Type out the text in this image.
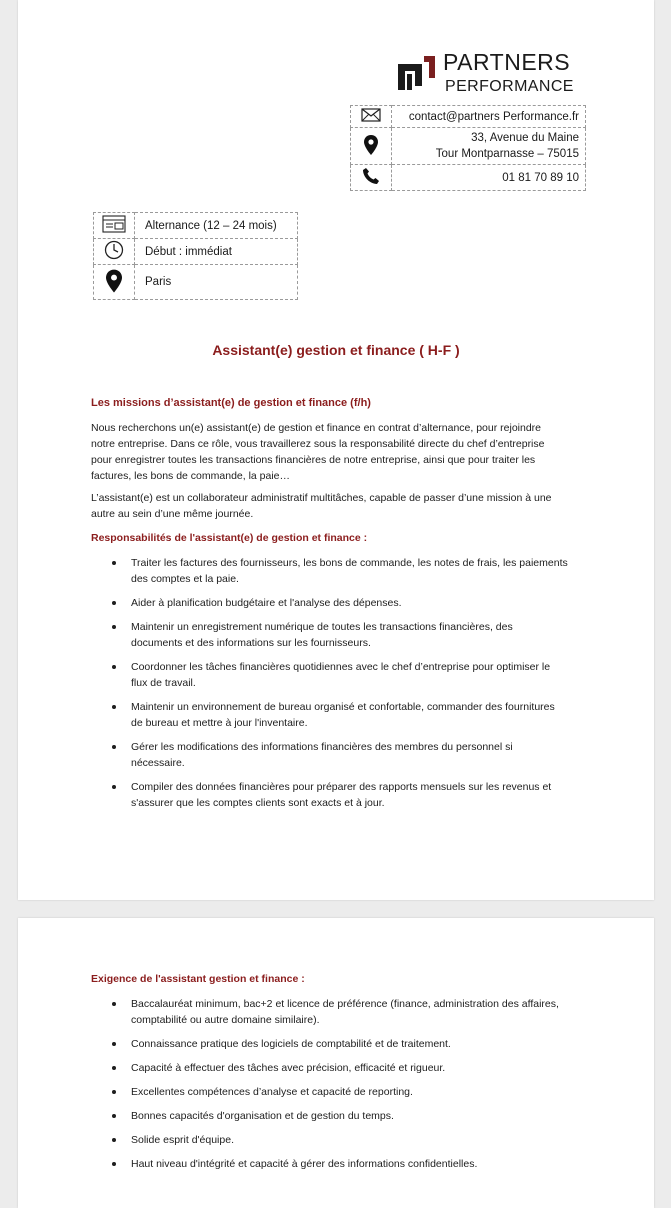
PARTNERS
PERFORMANCE
	contact@partners Performance.fr

33, Avenue du Maine
Tour Montparnasse – 75015

	01 81 70 89 10
	Alternance (12 – 24 mois)
	Début : immédiat
	Paris
Assistant(e) gestion et finance ( H-F )
Les missions d’assistant(e) de gestion et finance (f/h)
Nous recherchons un(e) assistant(e) de gestion et finance en contrat d’alternance, pour rejoindre
notre entreprise. Dans ce rôle, vous travaillerez sous la responsabilité directe du chef d’entreprise
pour enregistrer toutes les transactions financières de notre entreprise, ainsi que pour traiter les
factures, les bons de commande, la paie…
L’assistant(e) est un collaborateur administratif multitâches, capable de passer d’une mission à une
autre au sein d’une même journée.
Responsabilités de l'assistant(e) de gestion et finance :
Traiter les factures des fournisseurs, les bons de commande, les notes de frais, les paiements
des comptes et la paie.
Aider à planification budgétaire et l'analyse des dépenses.
Maintenir un enregistrement numérique de toutes les transactions financières, des
documents et des informations sur les fournisseurs.
Coordonner les tâches financières quotidiennes avec le chef d’entreprise pour optimiser le
flux de travail.
Maintenir un environnement de bureau organisé et confortable, commander des fournitures
de bureau et mettre à jour l'inventaire.
Gérer les modifications des informations financières des membres du personnel si
nécessaire.
Compiler des données financières pour préparer des rapports mensuels sur les revenus et
s'assurer que les comptes clients sont exacts et à jour.
Exigence de l'assistant gestion et finance :
Baccalauréat minimum, bac+2 et licence de préférence (finance, administration des affaires,
comptabilité ou autre domaine similaire).
Connaissance pratique des logiciels de comptabilité et de traitement.
Capacité à effectuer des tâches avec précision, efficacité et rigueur.
Excellentes compétences d’analyse et capacité de reporting.
Bonnes capacités d'organisation et de gestion du temps.
Solide esprit d'équipe.
Haut niveau d'intégrité et capacité à gérer des informations confidentielles.
